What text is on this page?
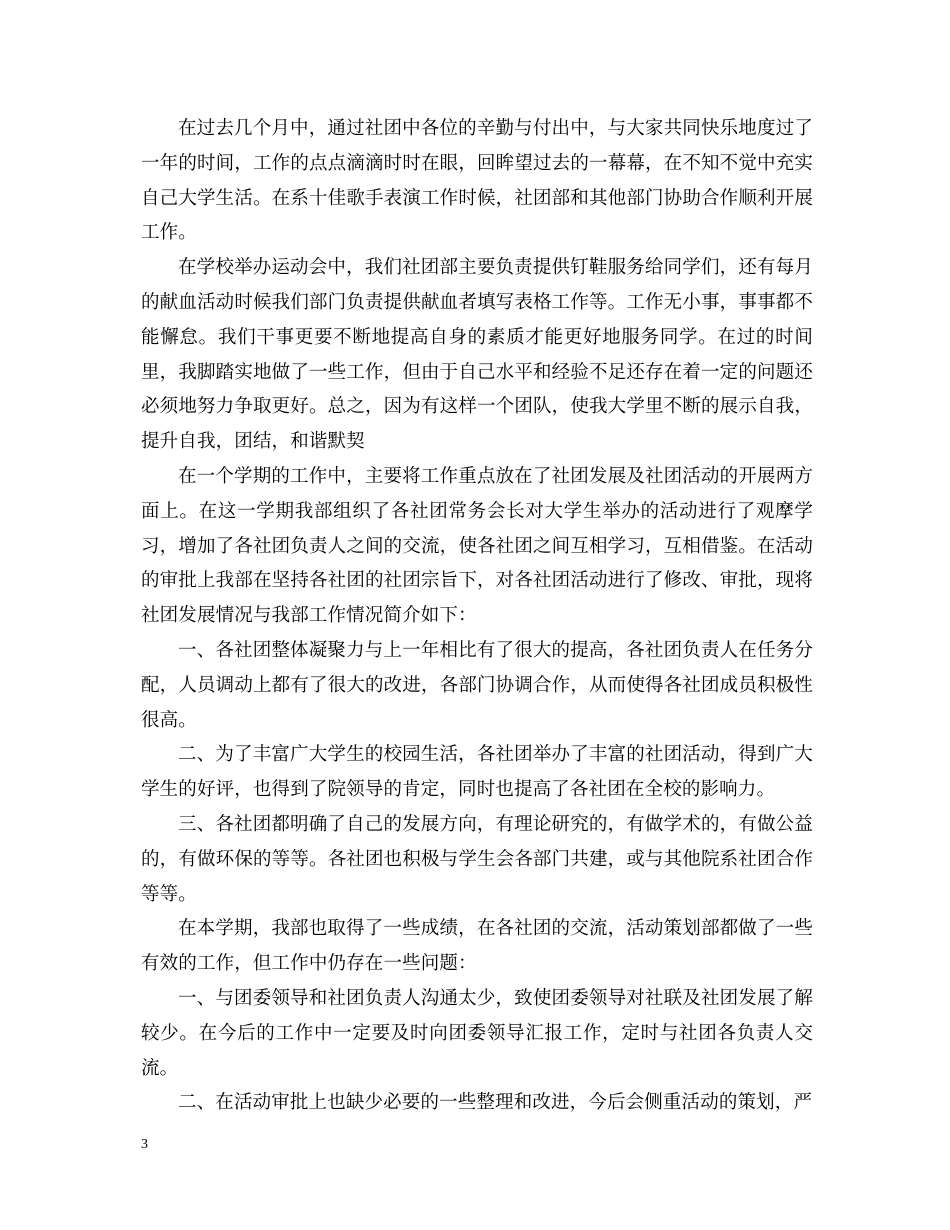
在过去几个月中，通过社团中各位的辛勤与付出中，与大家共同快乐地度过了一年的时间，工作的点点滴滴时时在眼，回眸望过去的一幕幕，在不知不觉中充实自己大学生活。在系十佳歌手表演工作时候，社团部和其他部门协助合作顺利开展工作。

在学校举办运动会中，我们社团部主要负责提供钉鞋服务给同学们，还有每月的献血活动时候我们部门负责提供献血者填写表格工作等。工作无小事，事事都不能懈怠。我们干事更要不断地提高自身的素质才能更好地服务同学。在过的时间里，我脚踏实地做了一些工作，但由于自己水平和经验不足还存在着一定的问题还必须地努力争取更好。总之，因为有这样一个团队，使我大学里不断的展示自我，提升自我，团结，和谐默契

在一个学期的工作中，主要将工作重点放在了社团发展及社团活动的开展两方面上。在这一学期我部组织了各社团常务会长对大学生举办的活动进行了观摩学习，增加了各社团负责人之间的交流，使各社团之间互相学习，互相借鉴。在活动的审批上我部在坚持各社团的社团宗旨下，对各社团活动进行了修改、审批，现将社团发展情况与我部工作情况简介如下：

一、各社团整体凝聚力与上一年相比有了很大的提高，各社团负责人在任务分配，人员调动上都有了很大的改进，各部门协调合作，从而使得各社团成员积极性很高。

二、为了丰富广大学生的校园生活，各社团举办了丰富的社团活动，得到广大学生的好评，也得到了院领导的肯定，同时也提高了各社团在全校的影响力。

三、各社团都明确了自己的发展方向，有理论研究的，有做学术的，有做公益的，有做环保的等等。各社团也积极与学生会各部门共建，或与其他院系社团合作等等。

在本学期，我部也取得了一些成绩，在各社团的交流，活动策划部都做了一些有效的工作，但工作中仍存在一些问题：

一、与团委领导和社团负责人沟通太少，致使团委领导对社联及社团发展了解较少。在今后的工作中一定要及时向团委领导汇报工作，定时与社团各负责人交流。

二、在活动审批上也缺少必要的一些整理和改进，今后会侧重活动的策划，严

3
